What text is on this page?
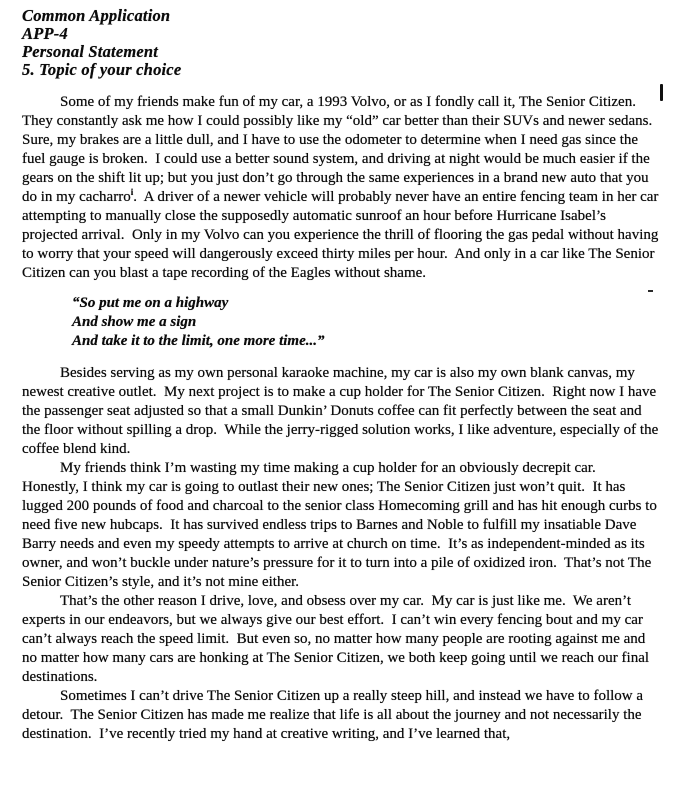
Common Application
APP-4
Personal Statement
5. Topic of your choice

Some of my friends make fun of my car, a 1993 Volvo, or as I fondly call it, The Senior Citizen.  They constantly ask me how I could possibly like my “old” car better than their SUVs and newer sedans.  Sure, my brakes are a little dull, and I have to use the odometer to determine when I need gas since the fuel gauge is broken.  I could use a better sound system, and driving at night would be much easier if the gears on the shift lit up; but you just don’t go through the same experiences in a brand new auto that you do in my cacharro$^i$.  A driver of a newer vehicle will probably never have an entire fencing team in her car attempting to manually close the supposedly automatic sunroof an hour before Hurricane Isabel’s projected arrival.  Only in my Volvo can you experience the thrill of flooring the gas pedal without having to worry that your speed will dangerously exceed thirty miles per hour.  And only in a car like The Senior Citizen can you blast a tape recording of the Eagles without shame.

“So put me on a highway
And show me a sign
And take it to the limit, one more time...”

Besides serving as my own personal karaoke machine, my car is also my own blank canvas, my newest creative outlet.  My next project is to make a cup holder for The Senior Citizen.  Right now I have the passenger seat adjusted so that a small Dunkin’ Donuts coffee can fit perfectly between the seat and the floor without spilling a drop.  While the jerry-rigged solution works, I like adventure, especially of the coffee blend kind.

My friends think I’m wasting my time making a cup holder for an obviously decrepit car.  Honestly, I think my car is going to outlast their new ones; The Senior Citizen just won’t quit.  It has lugged 200 pounds of food and charcoal to the senior class Homecoming grill and has hit enough curbs to need five new hubcaps.  It has survived endless trips to Barnes and Noble to fulfill my insatiable Dave Barry needs and even my speedy attempts to arrive at church on time.  It’s as independent-minded as its owner, and won’t buckle under nature’s pressure for it to turn into a pile of oxidized iron.  That’s not The Senior Citizen’s style, and it’s not mine either.

That’s the other reason I drive, love, and obsess over my car.  My car is just like me.  We aren’t experts in our endeavors, but we always give our best effort.  I can’t win every fencing bout and my car can’t always reach the speed limit.  But even so, no matter how many people are rooting against me and no matter how many cars are honking at The Senior Citizen, we both keep going until we reach our final destinations.

Sometimes I can’t drive The Senior Citizen up a really steep hill, and instead we have to follow a detour.  The Senior Citizen has made me realize that life is all about the journey and not necessarily the destination.  I’ve recently tried my hand at creative writing, and I’ve learned that,
